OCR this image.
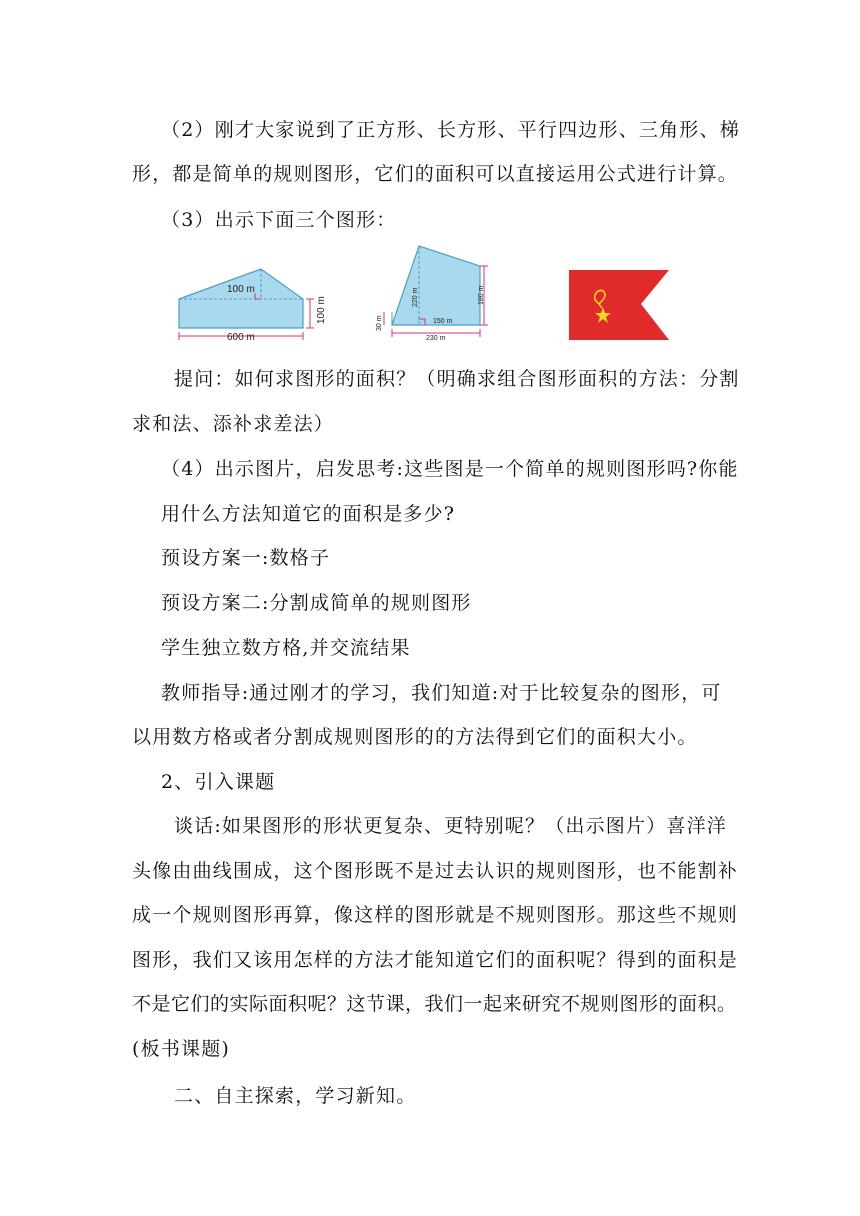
（2）刚才大家说到了正方形、长方形、平行四边形、三角形、梯
形，都是简单的规则图形，它们的面积可以直接运用公式进行计算。
（3）出示下面三个图形：
100 m
600 m
100 m	220 m
30 m
180 m
150 m
230 m
提问：如何求图形的面积？（明确求组合图形面积的方法：分割
求和法、添补求差法）
（4）出示图片，启发思考:这些图是一个简单的规则图形吗?你能
用什么方法知道它的面积是多少?
预设方案一:数格子
预设方案二:分割成简单的规则图形
学生独立数方格,并交流结果
教师指导:通过刚才的学习，我们知道:对于比较复杂的图形，可
以用数方格或者分割成规则图形的的方法得到它们的面积大小。
2、引入课题
谈话:如果图形的形状更复杂、更特别呢？（出示图片）喜洋洋
头像由曲线围成，这个图形既不是过去认识的规则图形，也不能割补
成一个规则图形再算，像这样的图形就是不规则图形。那这些不规则
图形，我们又该用怎样的方法才能知道它们的面积呢？得到的面积是
不是它们的实际面积呢？这节课，我们一起来研究不规则图形的面积。
(板书课题)
二、自主探索，学习新知。
